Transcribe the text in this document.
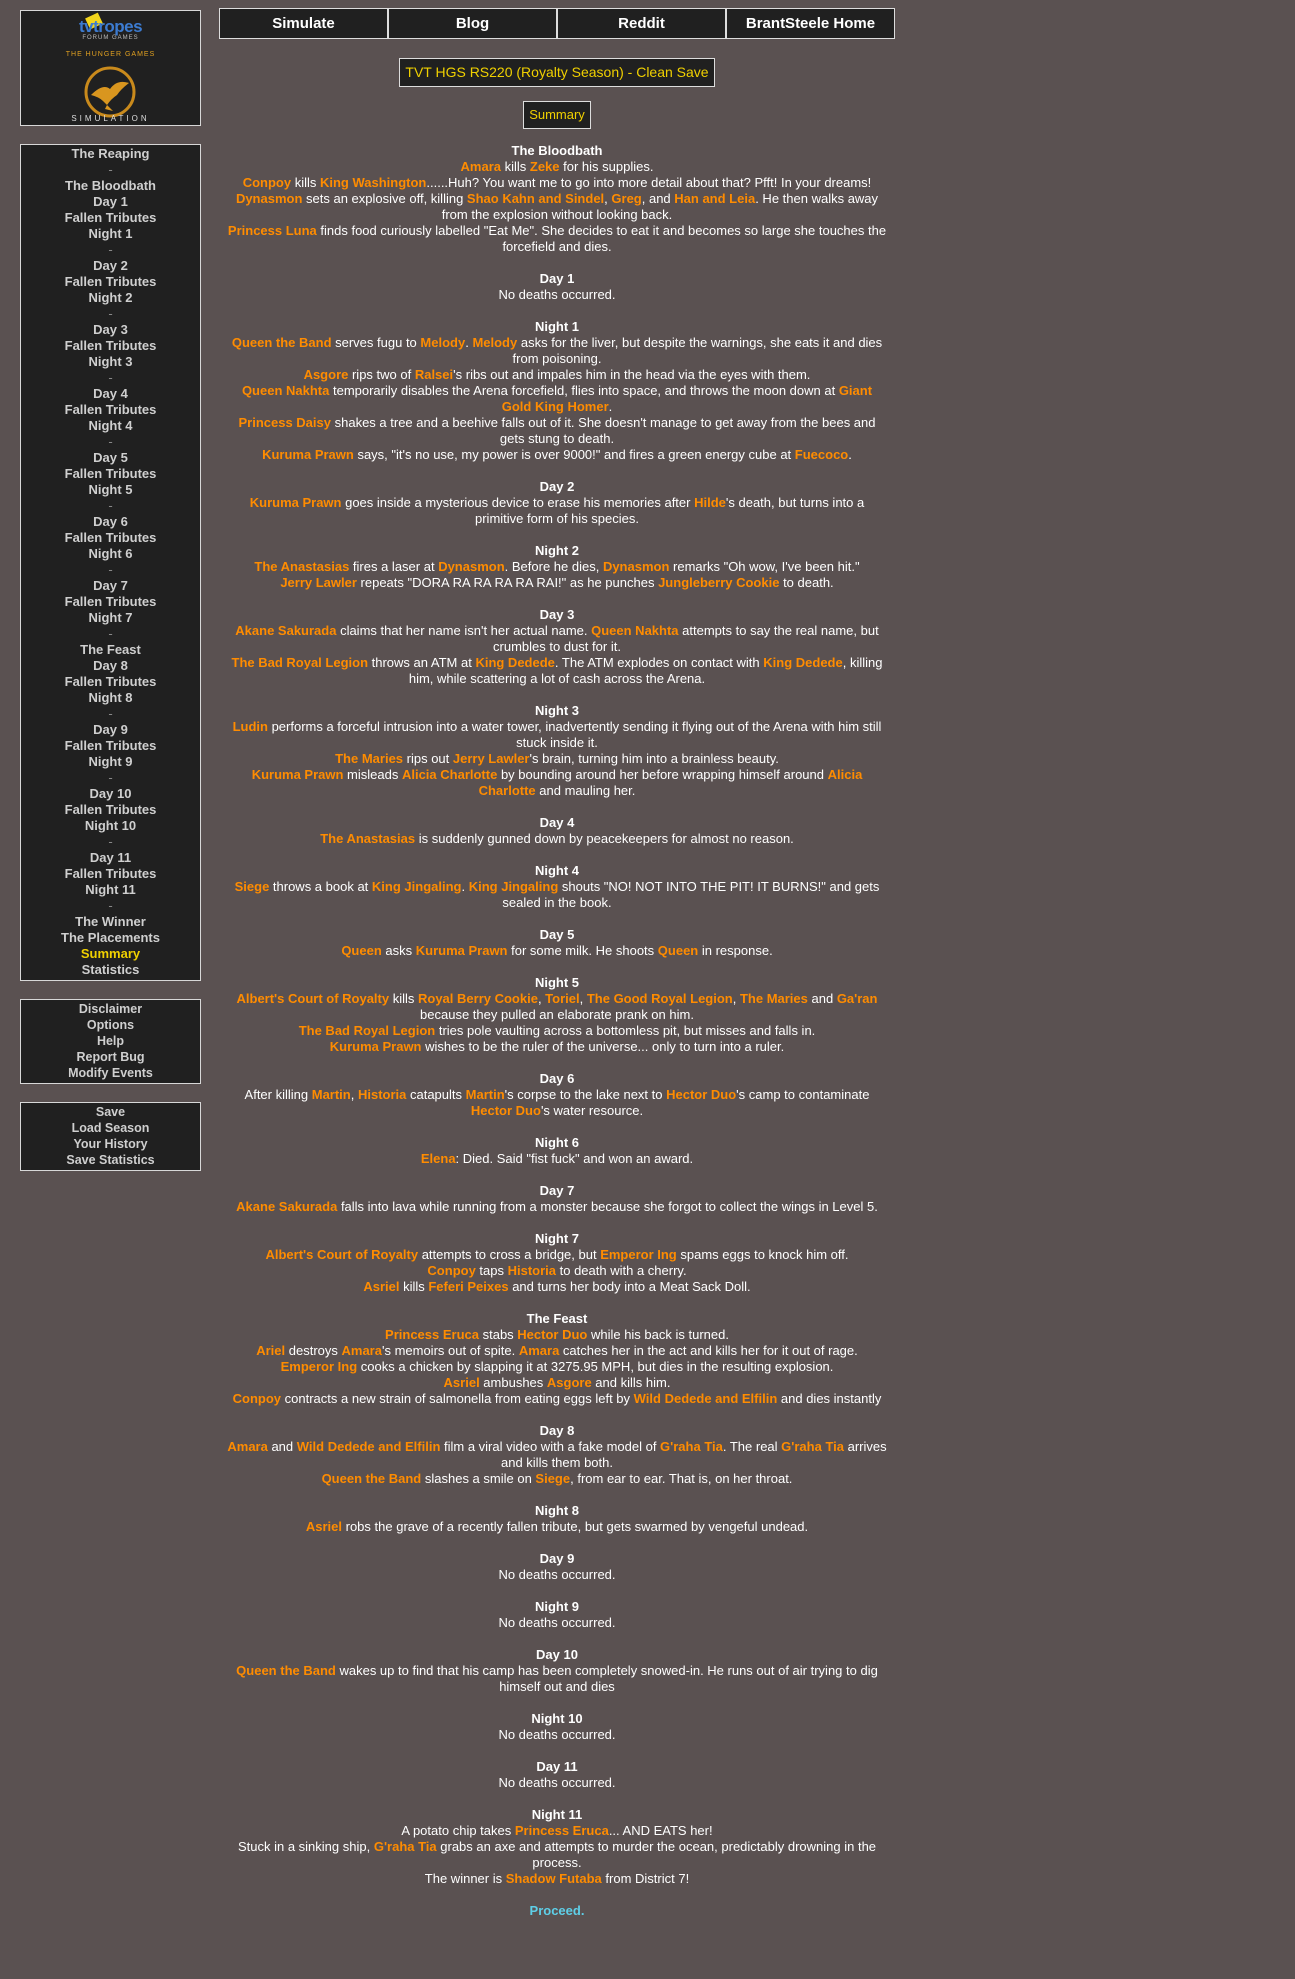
tvtropes
FORUM GAMES
THE HUNGER GAMES
SIMULATION
The Reaping
-
The Bloodbath
Day 1
Fallen Tributes
Night 1
-
Day 2
Fallen Tributes
Night 2
-
Day 3
Fallen Tributes
Night 3
-
Day 4
Fallen Tributes
Night 4
-
Day 5
Fallen Tributes
Night 5
-
Day 6
Fallen Tributes
Night 6
-
Day 7
Fallen Tributes
Night 7
-
The Feast
Day 8
Fallen Tributes
Night 8
-
Day 9
Fallen Tributes
Night 9
-
Day 10
Fallen Tributes
Night 10
-
Day 11
Fallen Tributes
Night 11
-
The Winner
The Placements
Summary
Statistics
Disclaimer
Options
Help
Report Bug
Modify Events
Save
Load Season
Your History
Save Statistics
Simulate	Blog	Reddit	BrantSteele Home
TVT HGS RS220 (Royalty Season) - Clean Save
Summary
The Bloodbath
Amara kills Zeke for his supplies.
Conpoy kills King Washington......Huh? You want me to go into more detail about that? Pfft! In your dreams!
Dynasmon sets an explosive off, killing Shao Kahn and Sindel, Greg, and Han and Leia. He then walks away from the explosion without looking back.
Princess Luna finds food curiously labelled "Eat Me". She decides to eat it and becomes so large she touches the forcefield and dies.
Day 1
No deaths occurred.
Night 1
Queen the Band serves fugu to Melody. Melody asks for the liver, but despite the warnings, she eats it and dies from poisoning.
Asgore rips two of Ralsei's ribs out and impales him in the head via the eyes with them.
Queen Nakhta temporarily disables the Arena forcefield, flies into space, and throws the moon down at Giant Gold King Homer.
Princess Daisy shakes a tree and a beehive falls out of it. She doesn't manage to get away from the bees and gets stung to death.
Kuruma Prawn says, "it's no use, my power is over 9000!" and fires a green energy cube at Fuecoco.
Day 2
Kuruma Prawn goes inside a mysterious device to erase his memories after Hilde's death, but turns into a primitive form of his species.
Night 2
The Anastasias fires a laser at Dynasmon. Before he dies, Dynasmon remarks "Oh wow, I've been hit."
Jerry Lawler repeats "DORA RA RA RA RA RAI!" as he punches Jungleberry Cookie to death.
Day 3
Akane Sakurada claims that her name isn't her actual name. Queen Nakhta attempts to say the real name, but crumbles to dust for it.
The Bad Royal Legion throws an ATM at King Dedede. The ATM explodes on contact with King Dedede, killing him, while scattering a lot of cash across the Arena.
Night 3
Ludin performs a forceful intrusion into a water tower, inadvertently sending it flying out of the Arena with him still stuck inside it.
The Maries rips out Jerry Lawler's brain, turning him into a brainless beauty.
Kuruma Prawn misleads Alicia Charlotte by bounding around her before wrapping himself around Alicia Charlotte and mauling her.
Day 4
The Anastasias is suddenly gunned down by peacekeepers for almost no reason.
Night 4
Siege throws a book at King Jingaling. King Jingaling shouts "NO! NOT INTO THE PIT! IT BURNS!" and gets sealed in the book.
Day 5
Queen asks Kuruma Prawn for some milk. He shoots Queen in response.
Night 5
Albert's Court of Royalty kills Royal Berry Cookie, Toriel, The Good Royal Legion, The Maries and Ga'ran because they pulled an elaborate prank on him.
The Bad Royal Legion tries pole vaulting across a bottomless pit, but misses and falls in.
Kuruma Prawn wishes to be the ruler of the universe... only to turn into a ruler.
Day 6
After killing Martin, Historia catapults Martin's corpse to the lake next to Hector Duo's camp to contaminate Hector Duo's water resource.
Night 6
Elena: Died. Said "fist fuck" and won an award.
Day 7
Akane Sakurada falls into lava while running from a monster because she forgot to collect the wings in Level 5.
Night 7
Albert's Court of Royalty attempts to cross a bridge, but Emperor Ing spams eggs to knock him off.
Conpoy taps Historia to death with a cherry.
Asriel kills Feferi Peixes and turns her body into a Meat Sack Doll.
The Feast
Princess Eruca stabs Hector Duo while his back is turned.
Ariel destroys Amara's memoirs out of spite. Amara catches her in the act and kills her for it out of rage.
Emperor Ing cooks a chicken by slapping it at 3275.95 MPH, but dies in the resulting explosion.
Asriel ambushes Asgore and kills him.
Conpoy contracts a new strain of salmonella from eating eggs left by Wild Dedede and Elfilin and dies instantly
Day 8
Amara and Wild Dedede and Elfilin film a viral video with a fake model of G'raha Tia. The real G'raha Tia arrives and kills them both.
Queen the Band slashes a smile on Siege, from ear to ear. That is, on her throat.
Night 8
Asriel robs the grave of a recently fallen tribute, but gets swarmed by vengeful undead.
Day 9
No deaths occurred.
Night 9
No deaths occurred.
Day 10
Queen the Band wakes up to find that his camp has been completely snowed-in. He runs out of air trying to dig himself out and dies
Night 10
No deaths occurred.
Day 11
No deaths occurred.
Night 11
A potato chip takes Princess Eruca... AND EATS her!
Stuck in a sinking ship, G'raha Tia grabs an axe and attempts to murder the ocean, predictably drowning in the process.
The winner is Shadow Futaba from District 7!
Proceed.
